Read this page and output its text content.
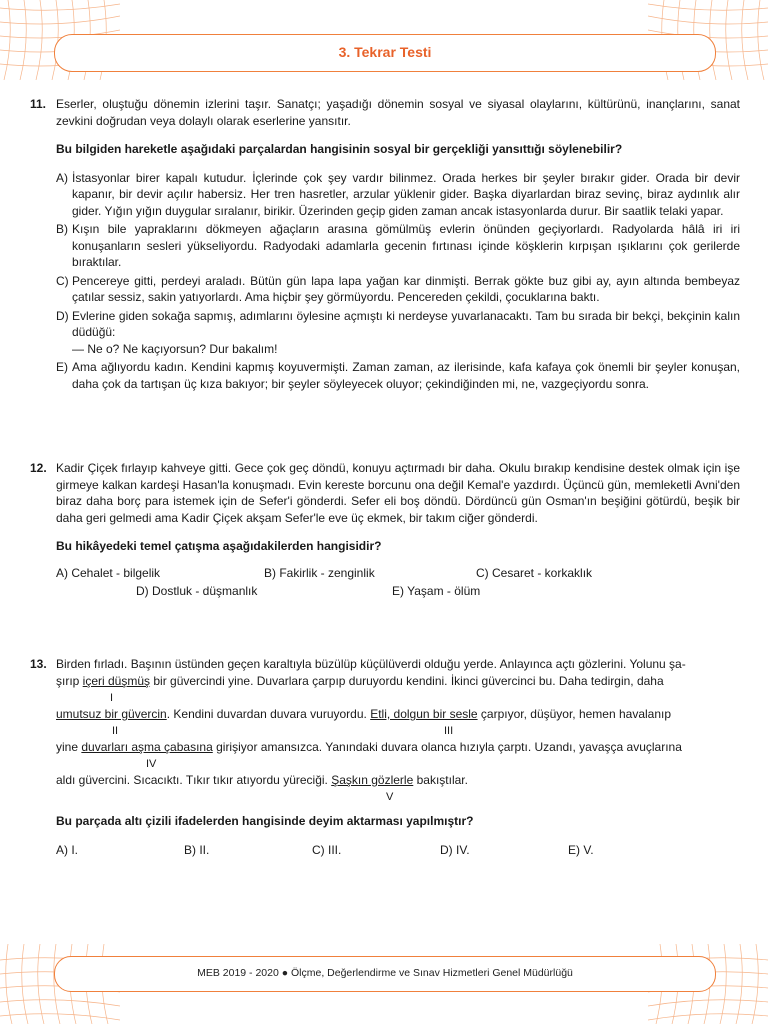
3. Tekrar Testi
11. Eserler, oluştuğu dönemin izlerini taşır. Sanatçı; yaşadığı dönemin sosyal ve siyasal olaylarını, kültürünü, inançlarını, sanat zevkini doğrudan veya dolaylı olarak eserlerine yansıtır.

Bu bilgiden hareketle aşağıdaki parçalardan hangisinin sosyal bir gerçekliği yansıttığı söylenebilir?

A) İstasyonlar birer kapalı kutudur. İçlerinde çok şey vardır bilinmez. Orada herkes bir şeyler bırakır gider. Orada bir devir kapanır, bir devir açılır habersiz. Her tren hasretler, arzular yüklenir gider. Başka diyarlardan biraz sevinç, biraz aydınlık alır gider. Yığın yığın duygular sıralanır, birikir. Üzerinden geçip giden zaman ancak istasyonlarda durur. Bir saatlik telaki yapar.

B) Kışın bile yapraklarını dökmeyen ağaçların arasına gömülmüş evlerin önünden geçiyorlardı. Radyolarda hâlâ iri iri konuşanların sesleri yükseliyordu. Radyodaki adamlarla gecenin fırtınası içinde köşklerin kırpışan ışıklarını çok gerilerde bıraktılar.

C) Pencereye gitti, perdeyi araladı. Bütün gün lapa lapa yağan kar dinmişti. Berrak gökte buz gibi ay, ayın altında bembeyaz çatılar sessiz, sakin yatıyorlardı. Ama hiçbir şey görmüyordu. Pencereden çekildi, çocuklarına baktı.

D) Evlerine giden sokağa sapmış, adımlarını öylesine açmıştı ki nerdeyse yuvarlanacaktı. Tam bu sırada bir bekçi, bekçinin kalın düdüğü:
— Ne o? Ne kaçıyorsun? Dur bakalım!

E) Ama ağlıyordu kadın. Kendini kapmış koyuvermişti. Zaman zaman, az ilerisinde, kafa kafaya çok önemli bir şeyler konuşan, daha çok da tartışan üç kıza bakıyor; bir şeyler söyleyecek oluyor; çekindiğinden mi, ne, vazgeçiyordu sonra.

12. Kadir Çiçek fırlayıp kahveye gitti. Gece çok geç döndü, konuyu açtırmadı bir daha. Okulu bırakıp kendisine destek olmak için işe girmeye kalkan kardeşi Hasan'la konuşmadı. Evin kereste borcunu ona değil Kemal'e yazdırdı. Üçüncü gün, memleketli Avni'den biraz daha borç para istemek için de Sefer'i gönderdi. Sefer eli boş döndü. Dördüncü gün Osman'ın beşiğini götürdü, beşik bir daha geri gelmedi ama Kadir Çiçek akşam Sefer'le eve üç ekmek, bir takım ciğer gönderdi.

Bu hikâyedeki temel çatışma aşağıdakilerden hangisidir?

A) Cehalet - bilgelik	B) Fakirlik - zenginlik	C) Cesaret - korkaklık
D) Dostluk - düşmanlık	E) Yaşam - ölüm
13. Birden fırladı. Başının üstünden geçen karaltıyla büzülüp küçülüverdi olduğu yerde. Anlayınca açtı gözlerini. Yolunu şa-
şırıp içeri düşmüş bir güvercindi yine. Duvarlara çarpıp duruyordu kendini. İkinci güvercinci bu. Daha tedirgin, daha
I
umutsuz bir güvercin. Kendini duvardan duvara vuruyordu. Etli, dolgun bir sesle çarpıyor, düşüyor, hemen havalanıp
II	III
yine duvarları aşma çabasına girişiyor amansızca. Yanındaki duvara olanca hızıyla çarptı. Uzandı, yavaşça avuçlarına
IV
aldı güvercini. Sıcacıktı. Tıkır tıkır atıyordu yüreciği. Şaşkın gözlerle bakıştılar.
V

Bu parçada altı çizili ifadelerden hangisinde deyim aktarması yapılmıştır?

A) I.	B) II.	C) III.	D) IV.	E) V.
MEB 2019 - 2020 ● Ölçme, Değerlendirme ve Sınav Hizmetleri Genel Müdürlüğü
